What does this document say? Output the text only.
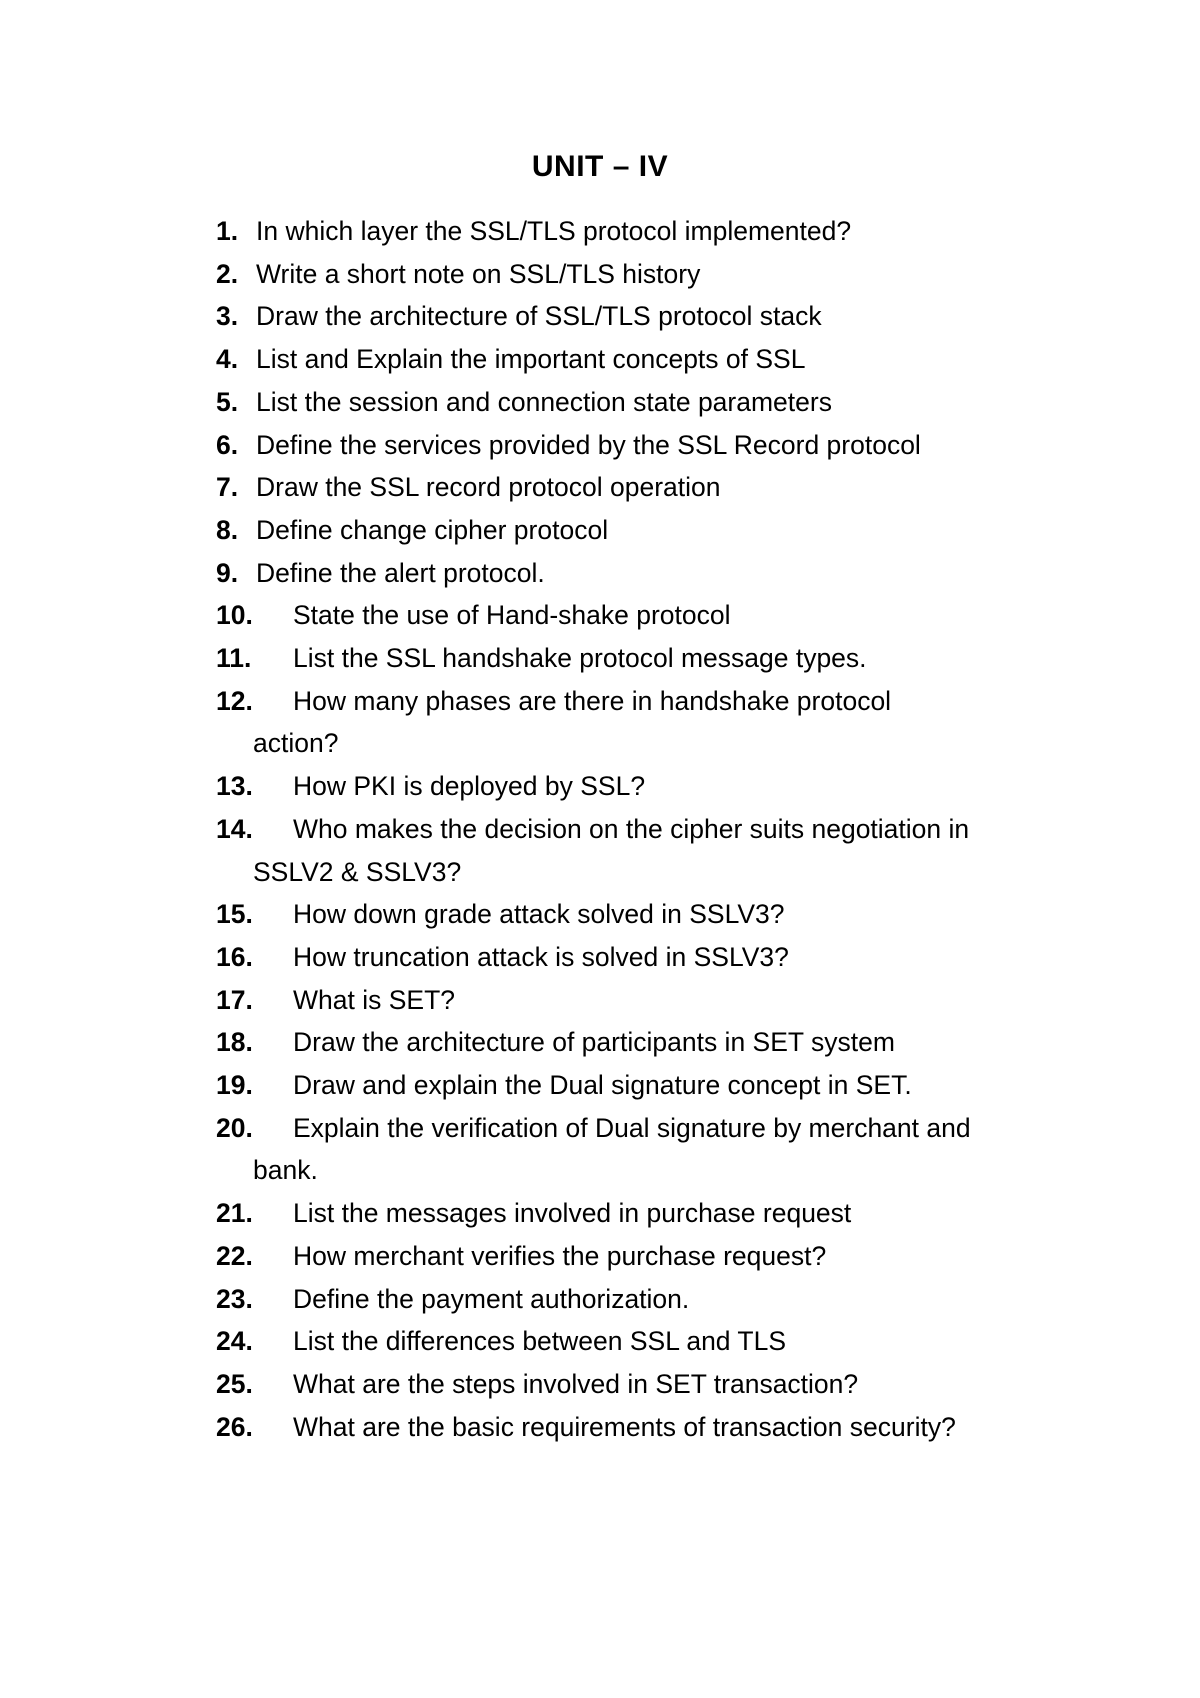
UNIT – IV
1. In which layer the SSL/TLS protocol implemented?
2. Write a short note on SSL/TLS history
3. Draw the architecture of SSL/TLS protocol stack
4. List and Explain the important concepts of SSL
5. List the session and connection state parameters
6. Define the services provided by the SSL Record protocol
7. Draw the SSL record protocol operation
8. Define change cipher protocol
9. Define the alert protocol.
10.	State the use of Hand-shake protocol
11.	List the SSL handshake protocol message types.
12.	How many phases are there in handshake protocol
action?
13.	How PKI is deployed by SSL?
14.	Who makes the decision on the cipher suits negotiation in
SSLV2 & SSLV3?
15.	How down grade attack solved in SSLV3?
16.	How truncation attack is solved in SSLV3?
17.	What is SET?
18.	Draw the architecture of participants in SET system
19.	Draw and explain the Dual signature concept in SET.
20.	Explain the verification of Dual signature by merchant and
bank.
21.	List the messages involved in purchase request
22.	How merchant verifies the purchase request?
23.	Define the payment authorization.
24.	List the differences between SSL and TLS
25.	What are the steps involved in SET transaction?
26.	What are the basic requirements of transaction security?
